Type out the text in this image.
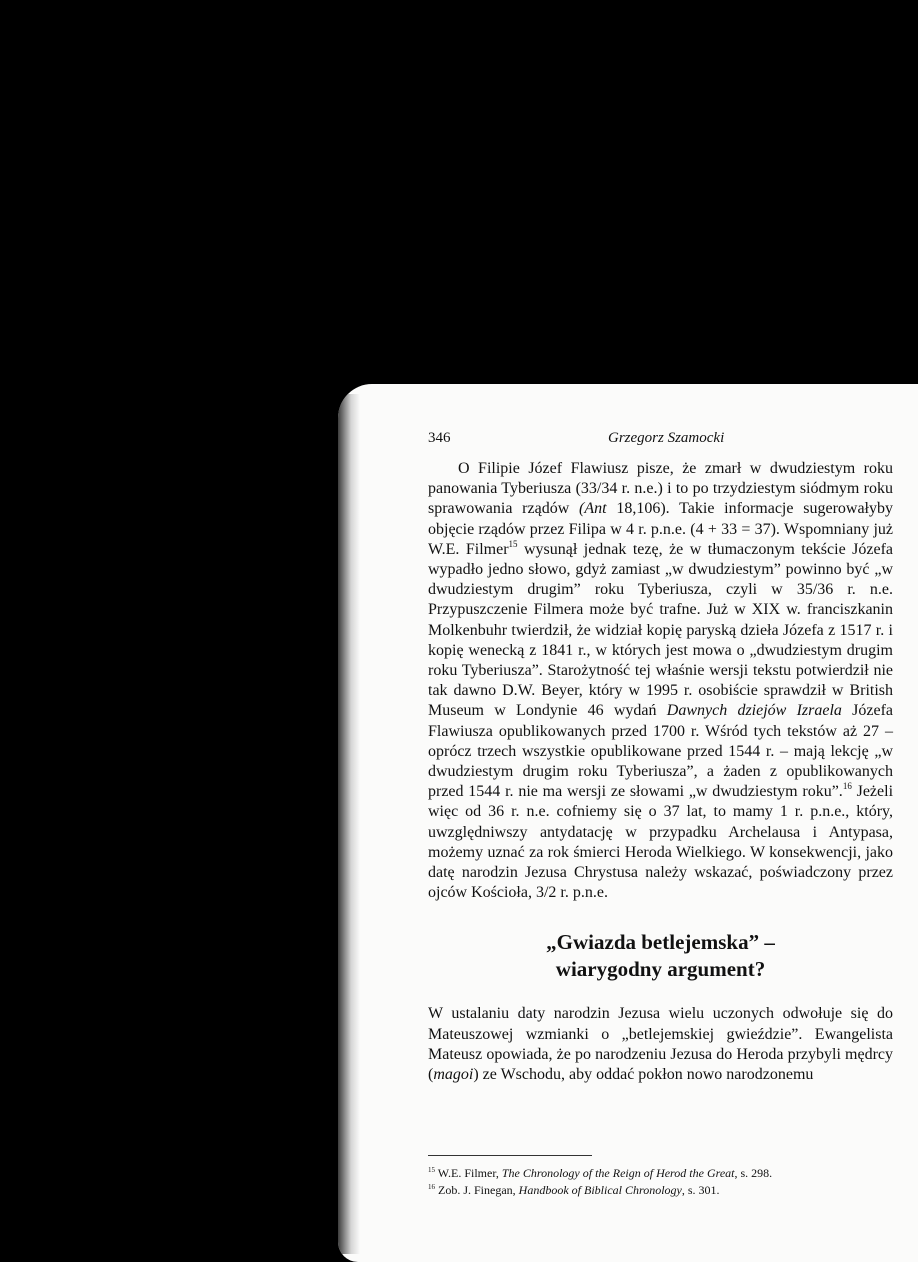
346	Grzegorz Szamocki

O Filipie Józef Flawiusz pisze, że zmarł w dwudziestym roku panowania Tyberiusza (33/34 r. n.e.) i to po trzydziestym siódmym roku sprawowania rządów (Ant 18,106). Takie informacje sugerowałyby objęcie rządów przez Filipa w 4 r. p.n.e. (4 + 33 = 37). Wspomniany już W.E. Filmer$^{15}$ wysunął jednak tezę, że w tłumaczonym tekście Józefa wypadło jedno słowo, gdyż zamiast „w dwudziestym” powinno być „w dwudziestym drugim” roku Tyberiusza, czyli w 35/36 r. n.e. Przypuszczenie Filmera może być trafne. Już w XIX w. franciszkanin Molkenbuhr twierdził, że widział kopię paryską dzieła Józefa z 1517 r. i kopię wenecką z 1841 r., w których jest mowa o „dwudziestym drugim roku Tyberiusza”. Starożytność tej właśnie wersji tekstu potwierdził nie tak dawno D.W. Beyer, który w 1995 r. osobiście sprawdził w British Museum w Londynie 46 wydań Dawnych dziejów Izraela Józefa Flawiusza opublikowanych przed 1700 r. Wśród tych tekstów aż 27 – oprócz trzech wszystkie opublikowane przed 1544 r. – mają lekcję „w dwudziestym drugim roku Tyberiusza”, a żaden z opublikowanych przed 1544 r. nie ma wersji ze słowami „w dwudziestym roku”.$^{16}$ Jeżeli więc od 36 r. n.e. cofniemy się o 37 lat, to mamy 1 r. p.n.e., który, uwzględniwszy antydatację w przypadku Archelausa i Antypasa, możemy uznać za rok śmierci Heroda Wielkiego. W konsekwencji, jako datę narodzin Jezusa Chrystusa należy wskazać, poświadczony przez ojców Kościoła, 3/2 r. p.n.e.

„Gwiazda betlejemska” –
wiarygodny argument?

W ustalaniu daty narodzin Jezusa wielu uczonych odwołuje się do Mateuszowej wzmianki o „betlejemskiej gwieździe”. Ewangelista Mateusz opowiada, że po narodzeniu Jezusa do Heroda przybyli mędrcy (magoi) ze Wschodu, aby oddać pokłon nowo narodzonemu

$^{15}$ W.E. Filmer, The Chronology of the Reign of Herod the Great, s. 298.
$^{16}$ Zob. J. Finegan, Handbook of Biblical Chronology, s. 301.
